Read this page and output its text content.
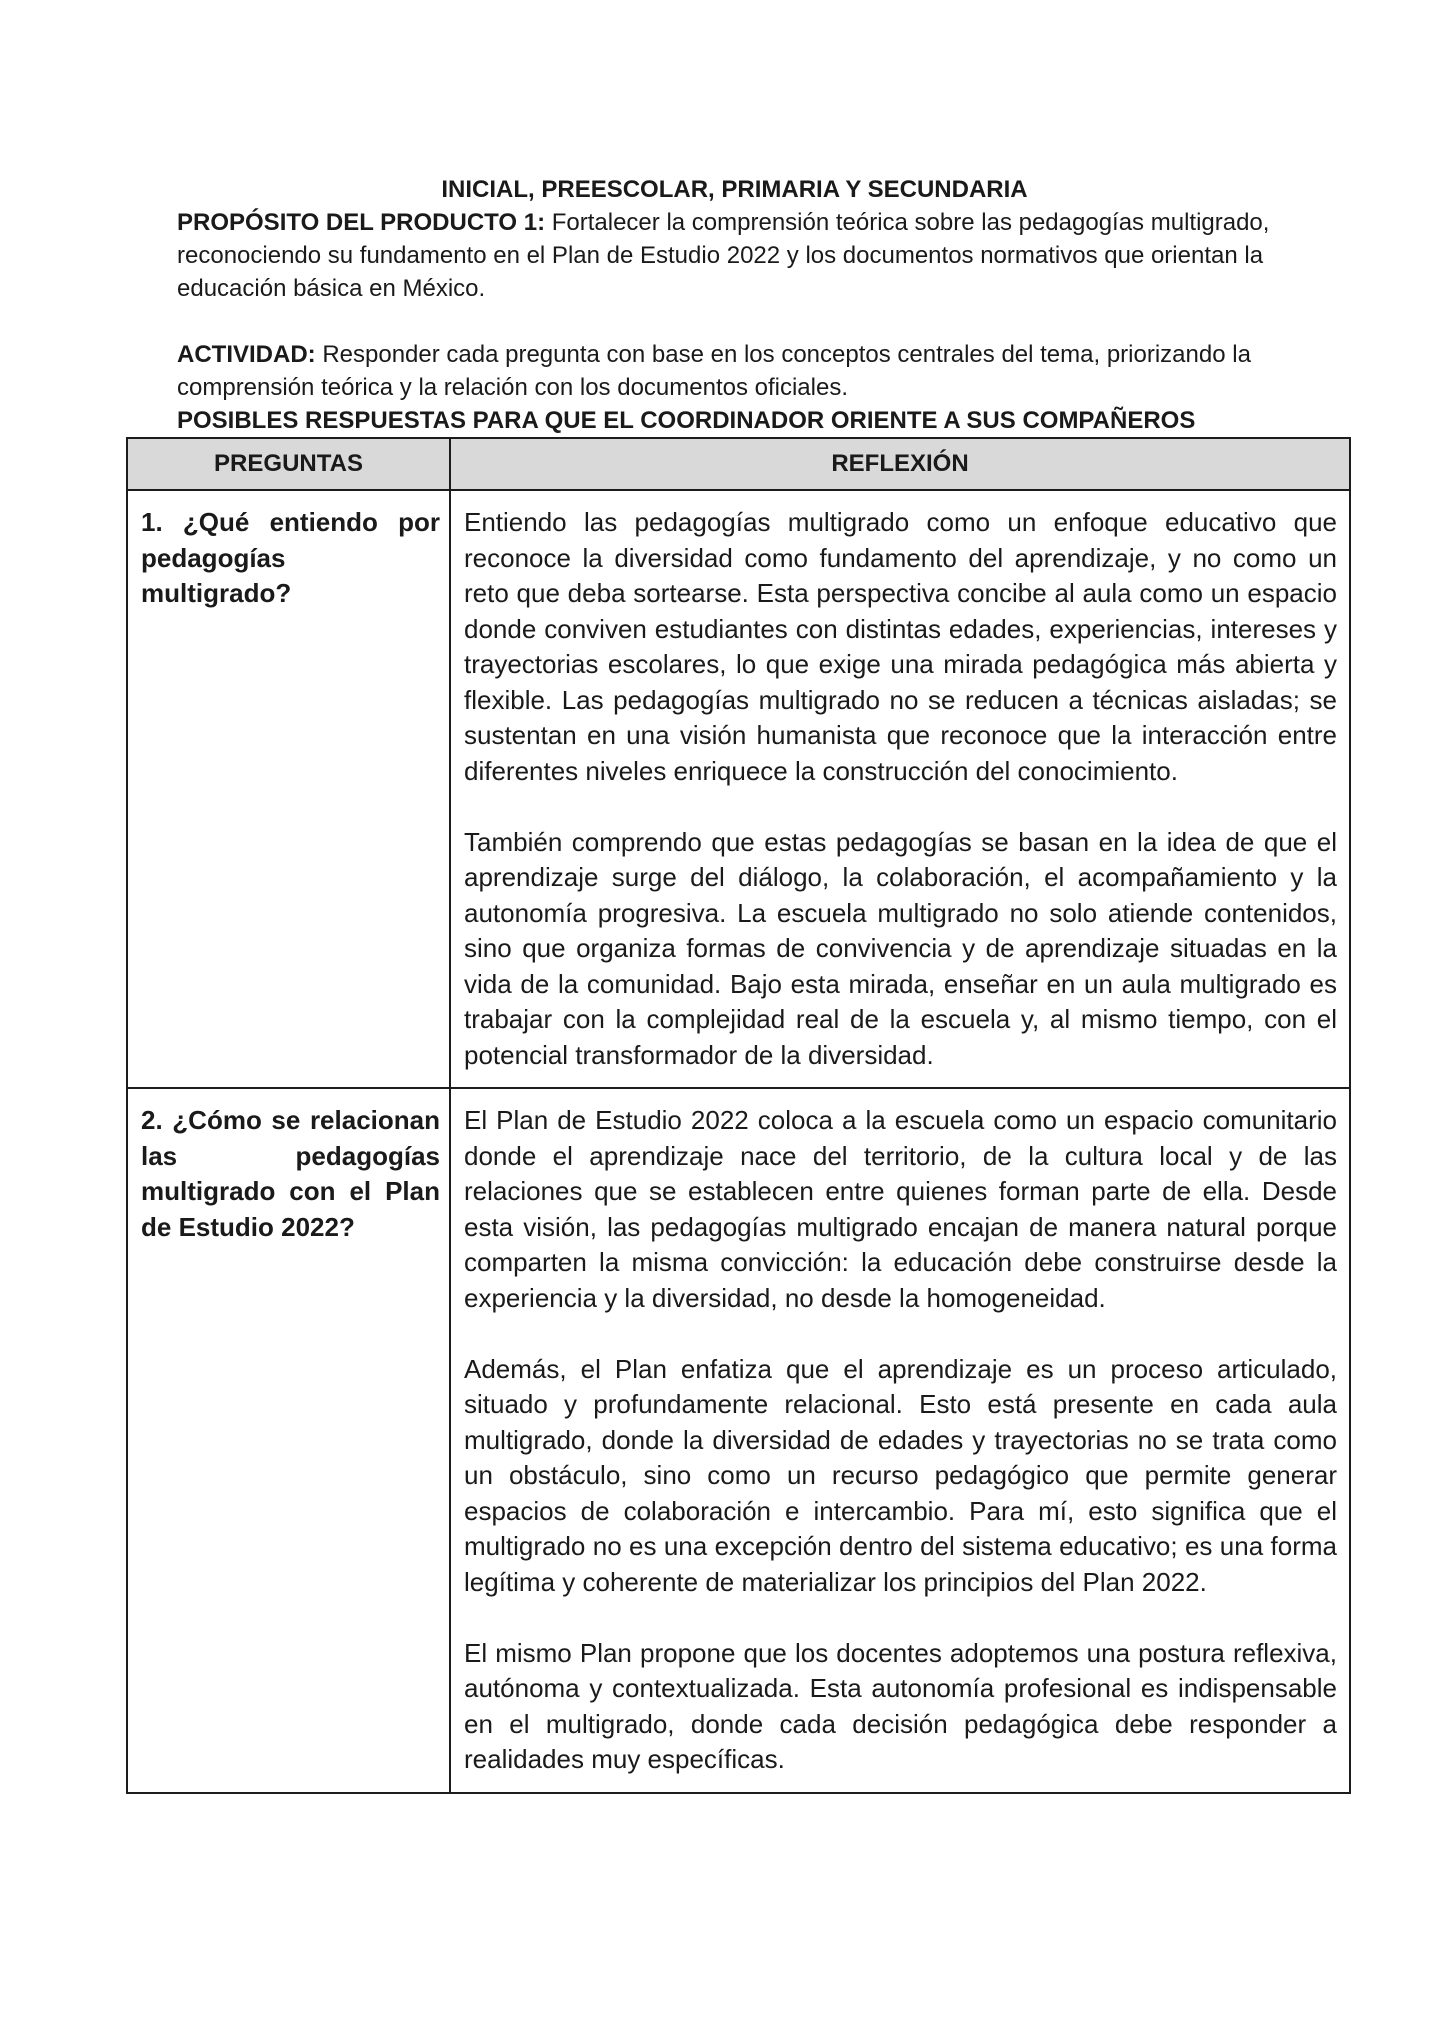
INICIAL, PREESCOLAR, PRIMARIA Y SECUNDARIA

PROPÓSITO DEL PRODUCTO 1: Fortalecer la comprensión teórica sobre las pedagogías multigrado, reconociendo su fundamento en el Plan de Estudio 2022 y los documentos normativos que orientan la educación básica en México.

ACTIVIDAD: Responder cada pregunta con base en los conceptos centrales del tema, priorizando la comprensión teórica y la relación con los documentos oficiales.

POSIBLES RESPUESTAS PARA QUE EL COORDINADOR ORIENTE A SUS COMPAÑEROS

PREGUNTAS	REFLEXIÓN

1. ¿Qué entiendo por pedagogías multigrado?	Entiendo las pedagogías multigrado como un enfoque educativo que reconoce la diversidad como fundamento del aprendizaje, y no como un reto que deba sortearse. Esta perspectiva concibe al aula como un espacio donde conviven estudiantes con distintas edades, experiencias, intereses y trayectorias escolares, lo que exige una mirada pedagógica más abierta y flexible. Las pedagogías multigrado no se reducen a técnicas aisladas; se sustentan en una visión humanista que reconoce que la interacción entre diferentes niveles enriquece la construcción del conocimiento.

También comprendo que estas pedagogías se basan en la idea de que el aprendizaje surge del diálogo, la colaboración, el acompañamiento y la autonomía progresiva. La escuela multigrado no solo atiende contenidos, sino que organiza formas de convivencia y de aprendizaje situadas en la vida de la comunidad. Bajo esta mirada, enseñar en un aula multigrado es trabajar con la complejidad real de la escuela y, al mismo tiempo, con el potencial transformador de la diversidad.

2. ¿Cómo se relacionan las pedagogías multigrado con el Plan de Estudio 2022?	El Plan de Estudio 2022 coloca a la escuela como un espacio comunitario donde el aprendizaje nace del territorio, de la cultura local y de las relaciones que se establecen entre quienes forman parte de ella. Desde esta visión, las pedagogías multigrado encajan de manera natural porque comparten la misma convicción: la educación debe construirse desde la experiencia y la diversidad, no desde la homogeneidad.

Además, el Plan enfatiza que el aprendizaje es un proceso articulado, situado y profundamente relacional. Esto está presente en cada aula multigrado, donde la diversidad de edades y trayectorias no se trata como un obstáculo, sino como un recurso pedagógico que permite generar espacios de colaboración e intercambio. Para mí, esto significa que el multigrado no es una excepción dentro del sistema educativo; es una forma legítima y coherente de materializar los principios del Plan 2022.

El mismo Plan propone que los docentes adoptemos una postura reflexiva, autónoma y contextualizada. Esta autonomía profesional es indispensable en el multigrado, donde cada decisión pedagógica debe responder a realidades muy específicas.
